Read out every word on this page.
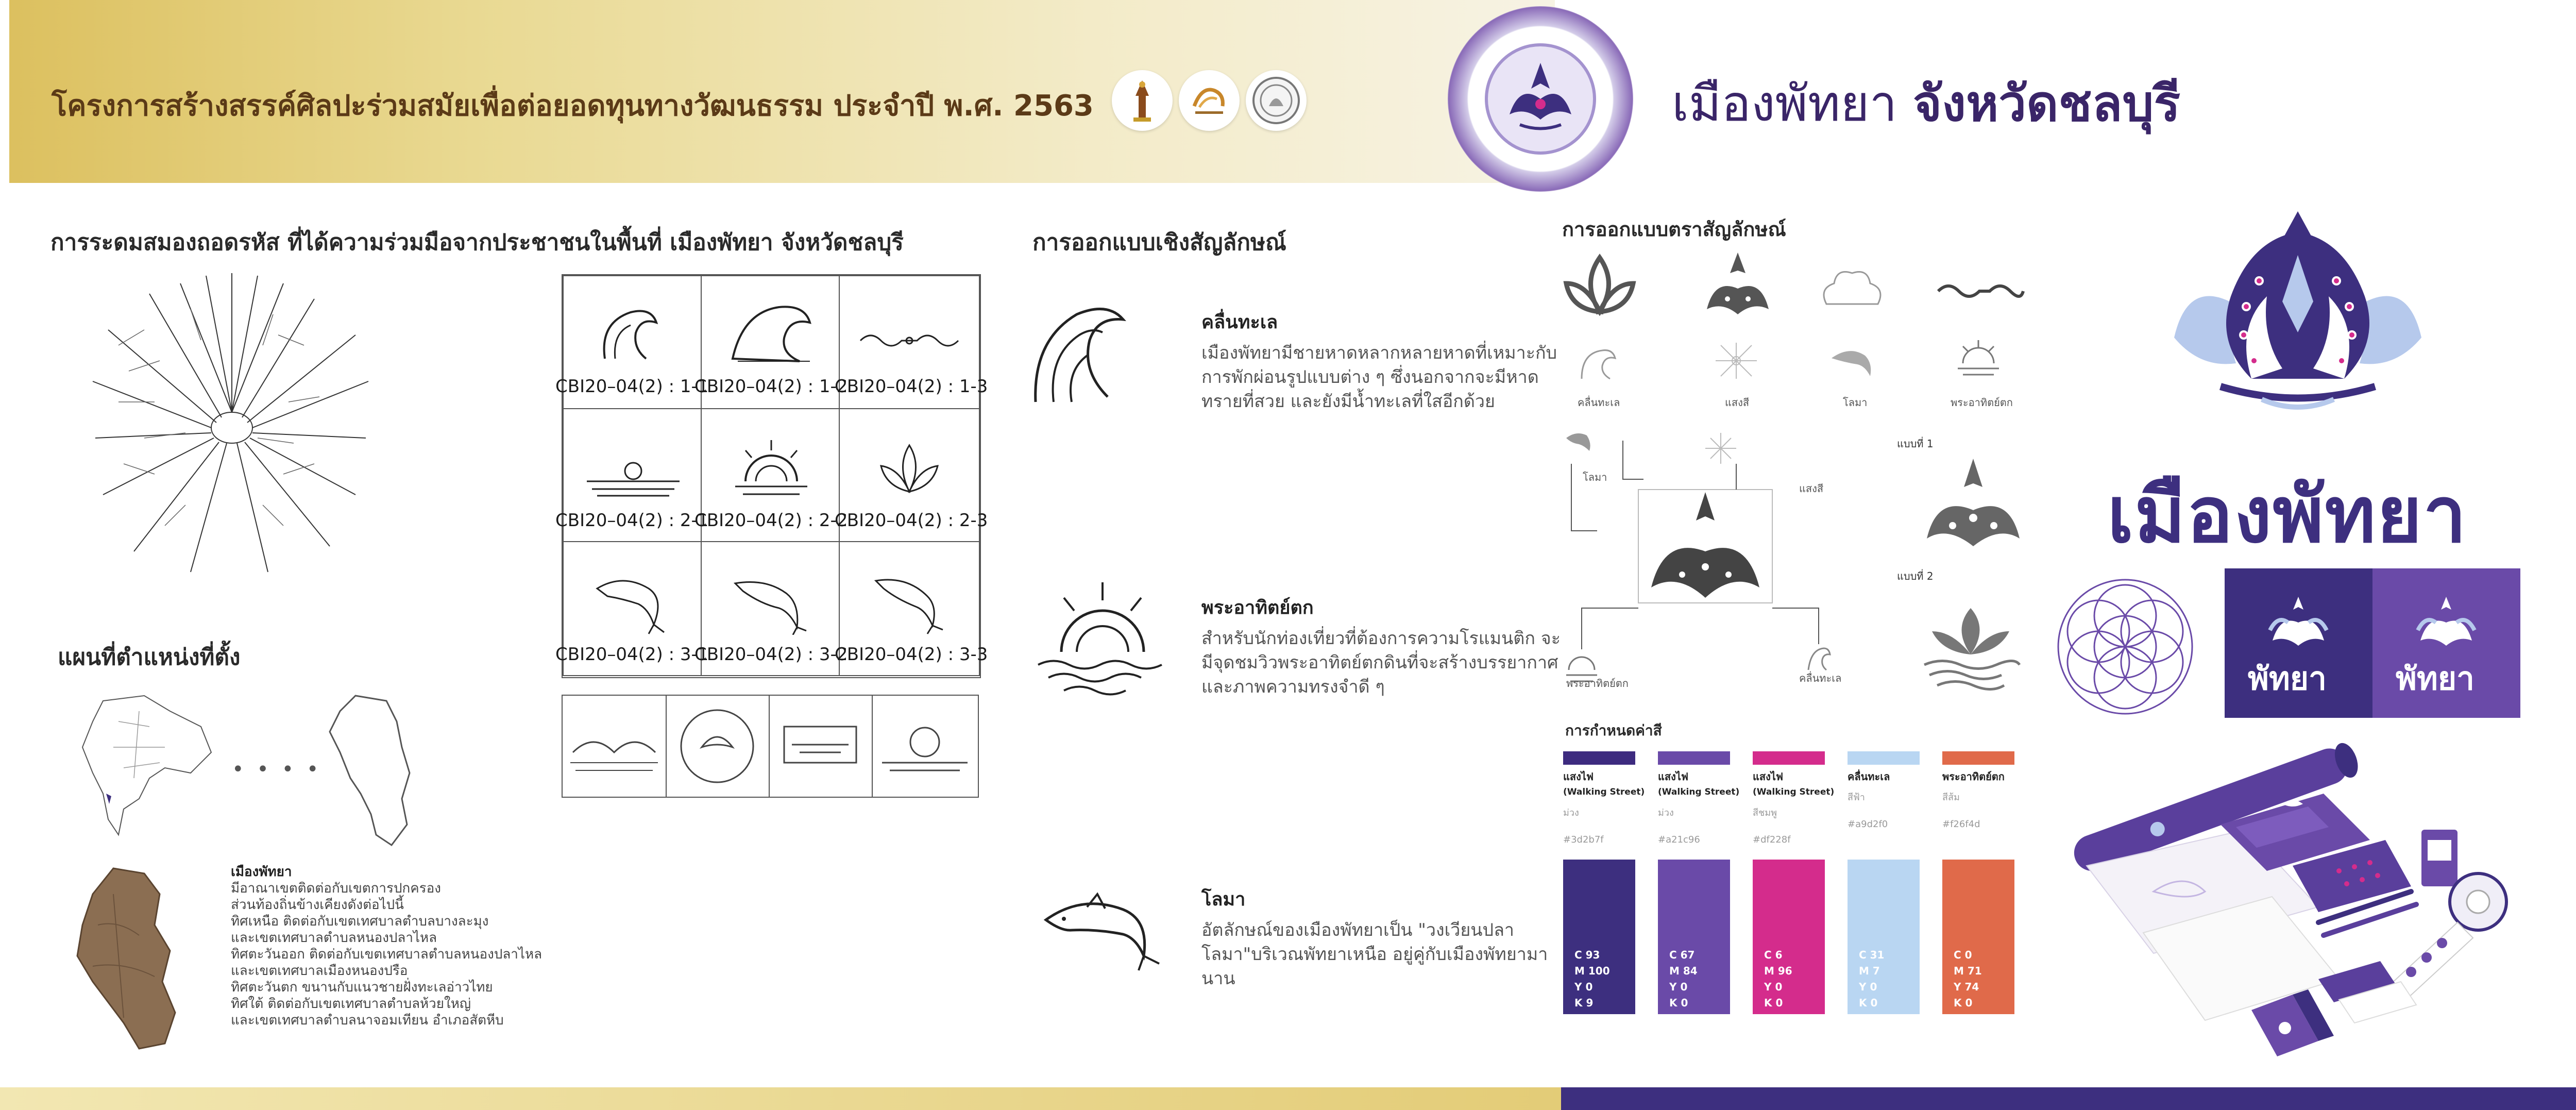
โครงการสร้างสรรค์ศิลปะร่วมสมัยเพื่อต่อยอดทุนทางวัฒนธรรม ประจำปี พ.ศ. 2563	เมืองพัทยา จังหวัดชลบุรี
การระดมสมองถอดรหัส ที่ได้ความร่วมมือจากประชาชนในพื้นที่ เมืองพัทยา จังหวัดชลบุรี
CBI20–04(2) : 1-1
CBI20–04(2) : 1-2
CBI20–04(2) : 1-3
CBI20–04(2) : 2-1
CBI20–04(2) : 2-2
CBI20–04(2) : 2-3
CBI20–04(2) : 3-1
CBI20–04(2) : 3-2
CBI20–04(2) : 3-3
แผนที่ตำแหน่งที่ตั้ง
• • • •
เมืองพัทยา
มีอาณาเขตติดต่อกับเขตการปกครอง
ส่วนท้องถิ่นข้างเคียงดังต่อไปนี้
ทิศเหนือ ติดต่อกับเขตเทศบาลตำบลบางละมุง
และเขตเทศบาลตำบลหนองปลาไหล
ทิศตะวันออก ติดต่อกับเขตเทศบาลตำบลหนองปลาไหล
และเขตเทศบาลเมืองหนองปรือ
ทิศตะวันตก ขนานกับแนวชายฝั่งทะเลอ่าวไทย
ทิศใต้ ติดต่อกับเขตเทศบาลตำบลห้วยใหญ่
และเขตเทศบาลตำบลนาจอมเทียน อำเภอสัตหีบ
การออกแบบเชิงสัญลักษณ์
คลื่นทะเล
เมืองพัทยามีชายหาดหลากหลายหาดที่เหมาะกับการพักผ่อนรูปแบบต่าง ๆ ซึ่งนอกจากจะมีหาดทรายที่สวย และยังมีน้ำทะเลที่ใสอีกด้วย
พระอาทิตย์ตก
สำหรับนักท่องเที่ยวที่ต้องการความโรแมนติก จะมีจุดชมวิวพระอาทิตย์ตกดินที่จะสร้างบรรยากาศและภาพความทรงจำดี ๆ
โลมา
อัตลักษณ์ของเมืองพัทยาเป็น "วงเวียนปลาโลมา"บริเวณพัทยาเหนือ อยู่คู่กับเมืองพัทยามานาน
การออกแบบตราสัญลักษณ์
คลื่นทะเล	แสงสี	โลมา	พระอาทิตย์ตก
โลมา
แสงสี
พระอาทิตย์ตก	คลื่นทะเล
แบบที่ 1
แบบที่ 2
การกำหนดค่าสี
แสงไฟ
(Walking Street)
ม่วง
#3d2b7f
C 93
M 100
Y 0
K 9
แสงไฟ
(Walking Street)
ม่วง
#a21c96
C 67
M 84
Y 0
K 0
แสงไฟ
(Walking Street)
สีชมพู
#df228f
C 6
M 96
Y 0
K 0
คลื่นทะเล
สีฟ้า
#a9d2f0
C 31
M 7
Y 0
K 0
พระอาทิตย์ตก
สีส้ม
#f26f4d
C 0
M 71
Y 74
K 0
เมืองพัทยา
พัทยา พัทยา
